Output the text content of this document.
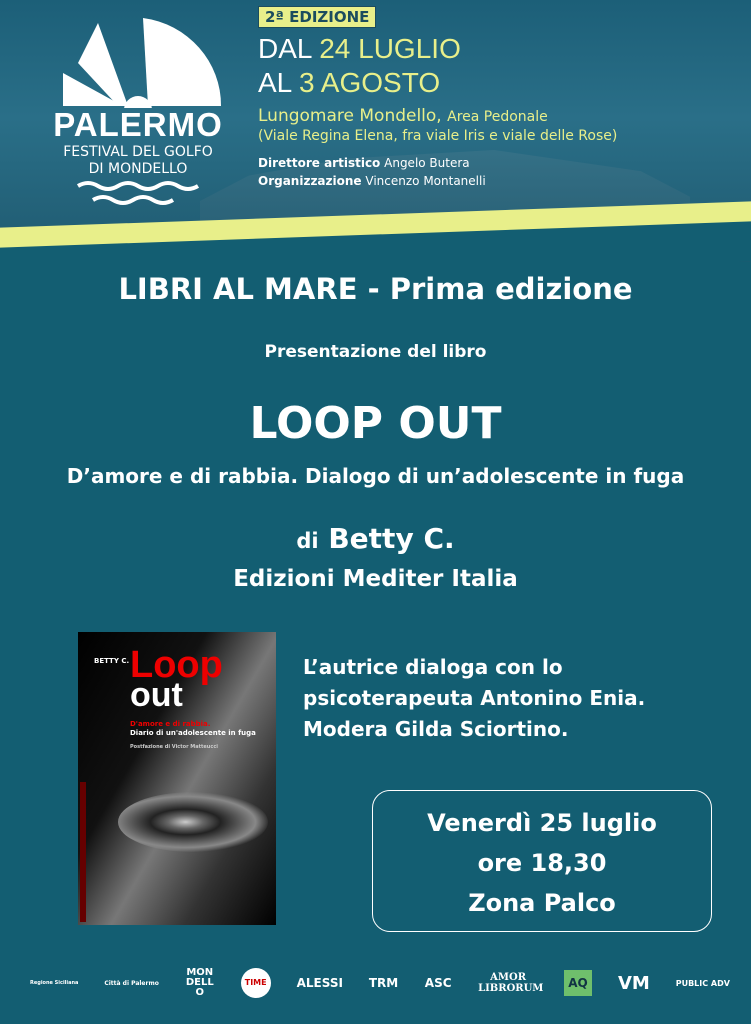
PALERMO
FESTIVAL DEL GOLFO
DI MONDELLO
2ª EDIZIONE
DAL 24 LUGLIO
AL 3 AGOSTO
Lungomare Mondello, Area Pedonale
(Viale Regina Elena, fra viale Iris e viale delle Rose)
Direttore artistico Angelo Butera
Organizzazione Vincenzo Montanelli
LIBRI AL MARE - Prima edizione
Presentazione del libro
LOOP OUT
D’amore e di rabbia. Dialogo di un’adolescente in fuga
di Betty C.
Edizioni Mediter Italia
BETTY C. Loop
out
D'amore e di rabbia.
Diario di un'adolescente in fuga
Postfazione di Victor Matteucci
L’autrice dialoga con lo
psicoterapeuta Antonino Enia.
Modera Gilda Sciortino.
Venerdì 25 luglio
ore 18,30
Zona Palco
Regione Siciliana	Città di Palermo
MONDELLO
TIME	ALESSI TRM ASC	AMOR LIBRORUM	AQ VM	PUBLIC ADV
